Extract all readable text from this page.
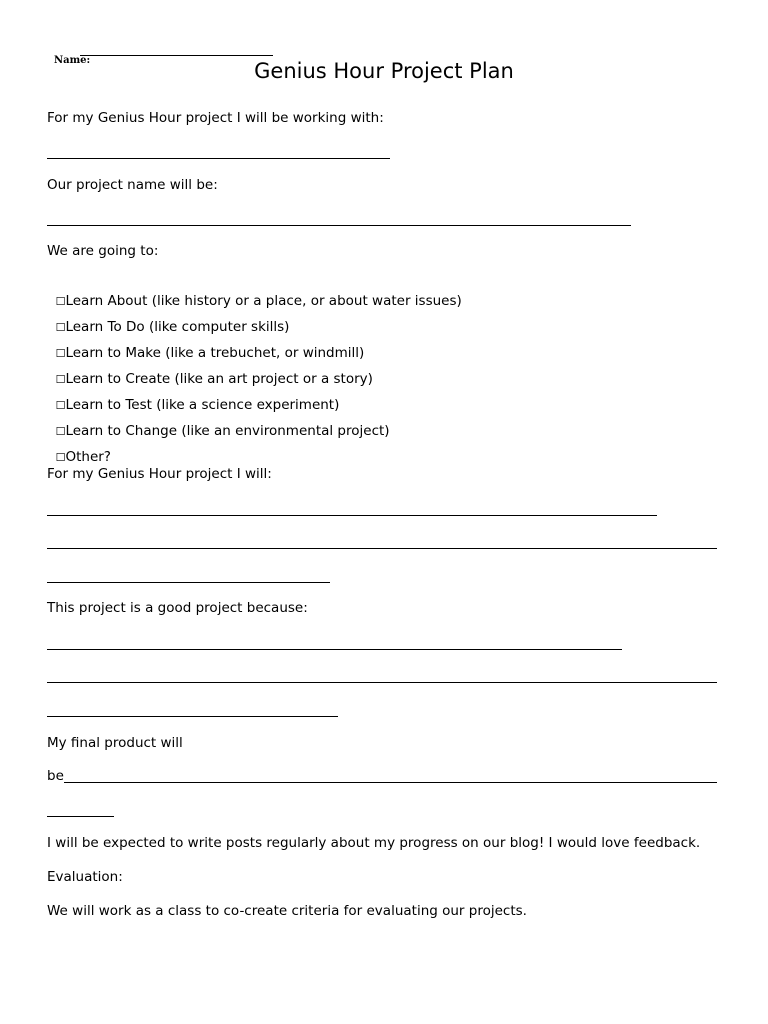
Name:	Genius Hour Project Plan
For my Genius Hour project I will be working with:
Our project name will be:
We are going to:

☐Learn About (like history or a place, or about water issues)

☐Learn To Do (like computer skills)

☐Learn to Make (like a trebuchet, or windmill)

☐Learn to Create (like an art project or a story)

☐Learn to Test (like a science experiment)

☐Learn to Change (like an environmental project)

☐Other?

For my Genius Hour project I will:
This project is a good project because:
My final product will
be
I will be expected to write posts regularly about my progress on our blog! I would love feedback.
Evaluation:
We will work as a class to co-create criteria for evaluating our projects.
